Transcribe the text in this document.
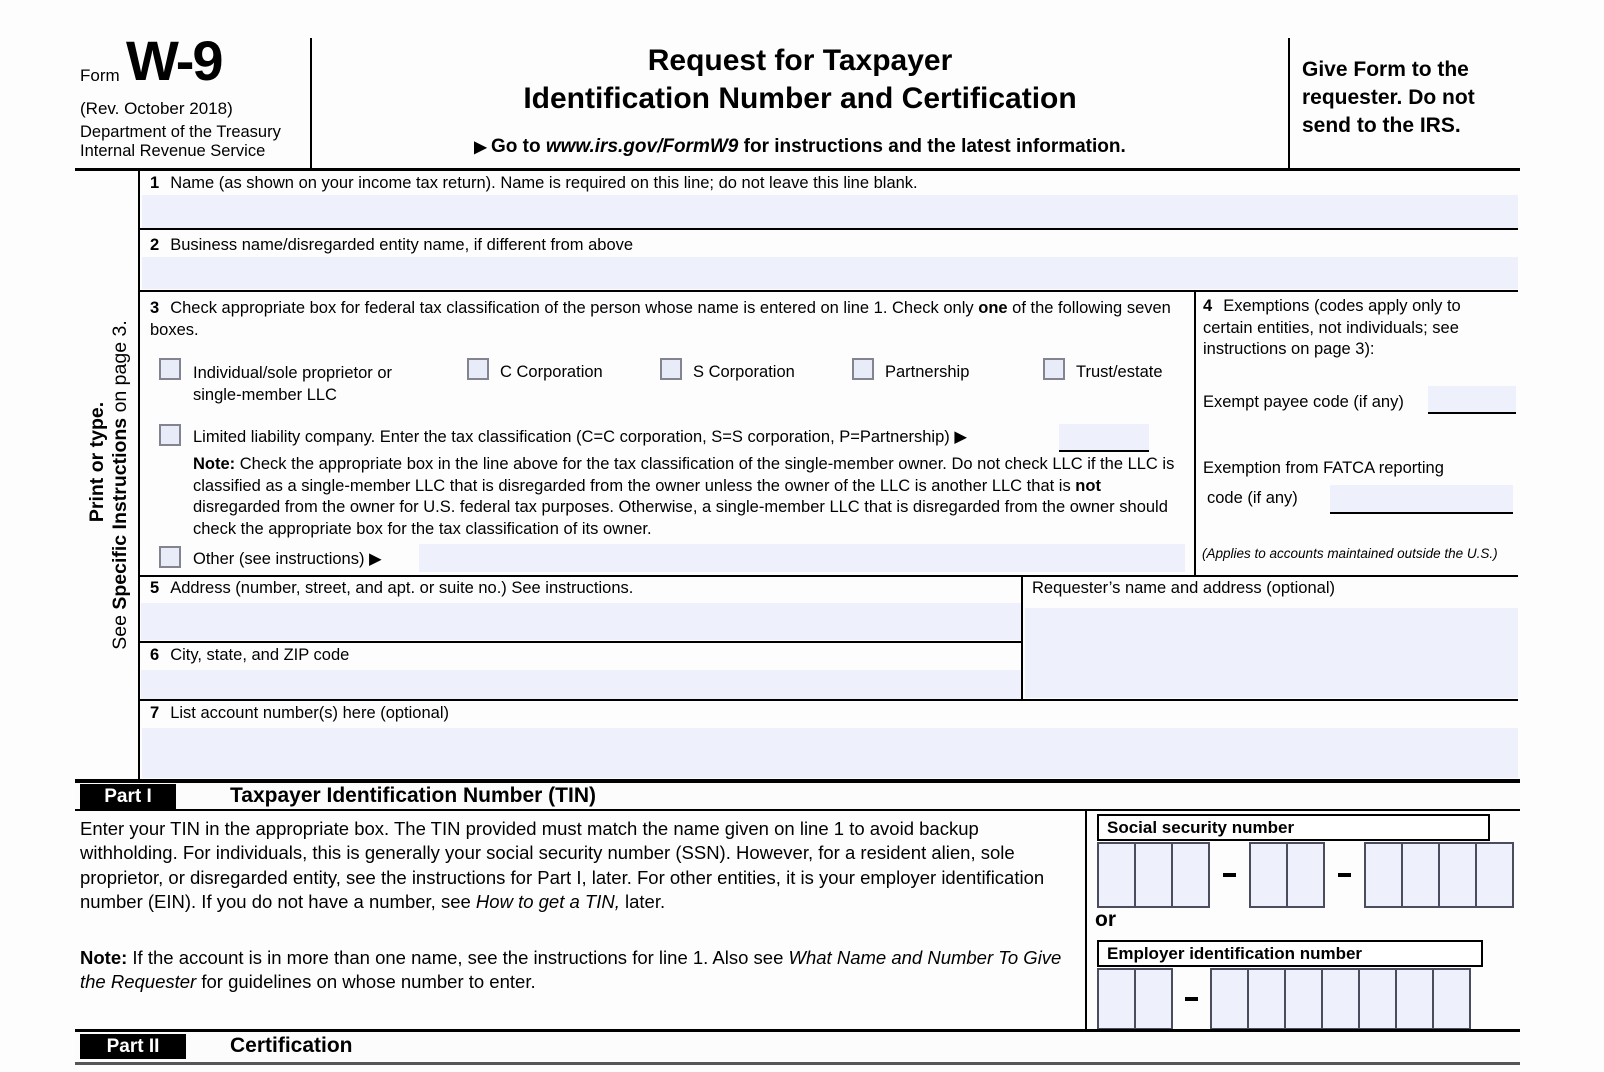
Form W-9
(Rev. October 2018)
Department of the Treasury
Internal Revenue Service
Request for Taxpayer
Identification Number and Certification
▶ Go to www.irs.gov/FormW9 for instructions and the latest information.
Give Form to the requester. Do not send to the IRS.
Print or type.
See Specific Instructions on page 3.
1 Name (as shown on your income tax return). Name is required on this line; do not leave this line blank.
2 Business name/disregarded entity name, if different from above
3 Check appropriate box for federal tax classification of the person whose name is entered on line 1. Check only one of the following seven boxes.
Individual/sole proprietor or single-member LLC
C Corporation	S Corporation	Partnership	Trust/estate
Limited liability company. Enter the tax classification (C=C corporation, S=S corporation, P=Partnership) ▶
Note: Check the appropriate box in the line above for the tax classification of the single-member owner. Do not check LLC if the LLC is classified as a single-member LLC that is disregarded from the owner unless the owner of the LLC is another LLC that is not disregarded from the owner for U.S. federal tax purposes. Otherwise, a single-member LLC that is disregarded from the owner should check the appropriate box for the tax classification of its owner.
Other (see instructions) ▶
4 Exemptions (codes apply only to certain entities, not individuals; see instructions on page 3):
Exempt payee code (if any)
Exemption from FATCA reporting
code (if any)
(Applies to accounts maintained outside the U.S.)
5 Address (number, street, and apt. or suite no.) See instructions.	Requester’s name and address (optional)
6 City, state, and ZIP code
7 List account number(s) here (optional)
Part I	Taxpayer Identification Number (TIN)
Enter your TIN in the appropriate box. The TIN provided must match the name given on line 1 to avoid backup withholding. For individuals, this is generally your social security number (SSN). However, for a resident alien, sole proprietor, or disregarded entity, see the instructions for Part I, later. For other entities, it is your employer identification number (EIN). If you do not have a number, see How to get a TIN, later.
Note: If the account is in more than one name, see the instructions for line 1. Also see What Name and Number To Give the Requester for guidelines on whose number to enter.
Social security number
or
Employer identification number
Part II	Certification
